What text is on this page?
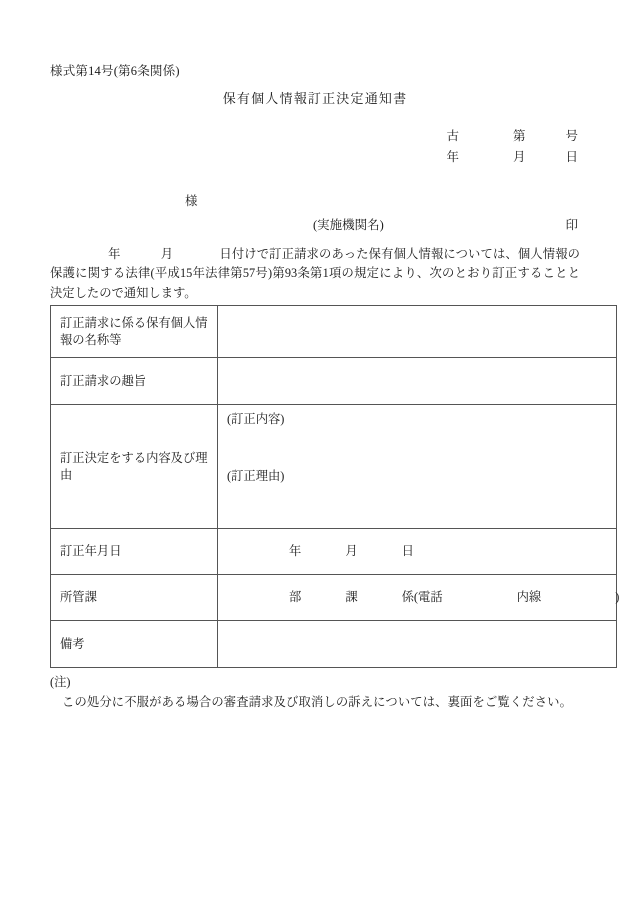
様式第14号(第6条関係)
保有個人情報訂正決定通知書
古	第	号
年	月	日
様
(実施機関名)	印
年	月	日付けで訂正請求のあった保有個人情報については、個人情報の保護に関する法律(平成15年法律第57号)第93条第1項の規定により、次のとおり訂正することと決定したので通知します。
訂正請求に係る保有個人情報の名称等	
訂正請求の趣旨	
訂正決定をする内容及び理由	(訂正内容)
(訂正理由)

訂正年月日	年 月 日

所管課	部 課 係(電話 内線 )

備考	
(注)
この処分に不服がある場合の審査請求及び取消しの訴えについては、裏面をご覧ください。
